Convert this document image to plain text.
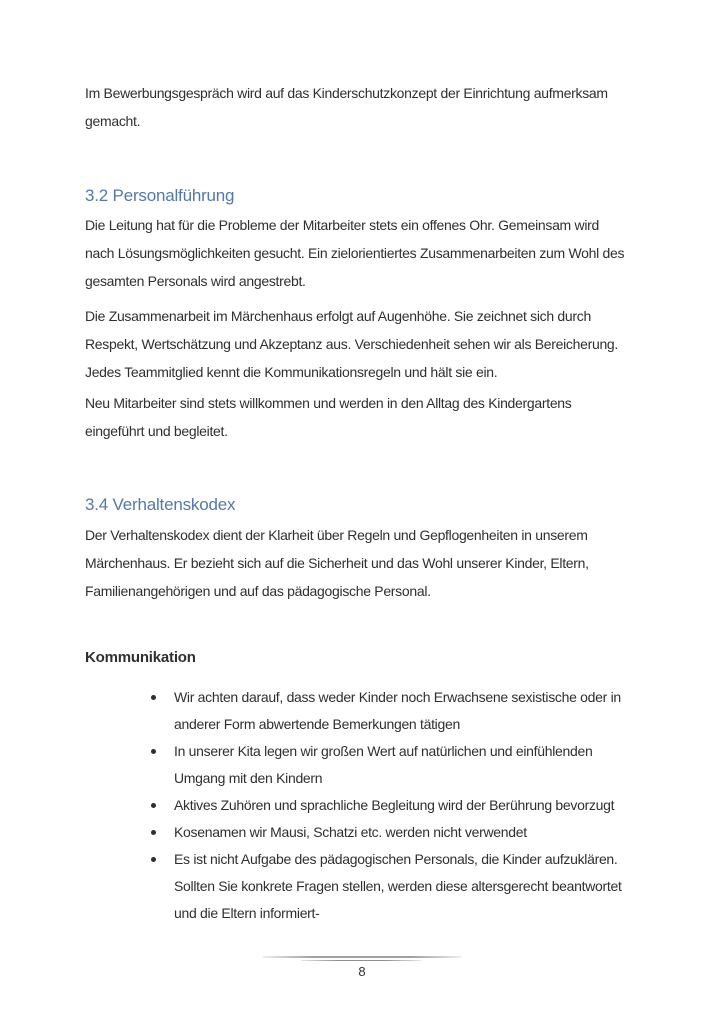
Im Bewerbungsgespräch wird auf das Kinderschutzkonzept der Einrichtung aufmerksam
gemacht.
3.2 Personalführung
Die Leitung hat für die Probleme der Mitarbeiter stets ein offenes Ohr. Gemeinsam wird
nach Lösungsmöglichkeiten gesucht. Ein zielorientiertes Zusammenarbeiten zum Wohl des
gesamten Personals wird angestrebt.
Die Zusammenarbeit im Märchenhaus erfolgt auf Augenhöhe. Sie zeichnet sich durch
Respekt, Wertschätzung und Akzeptanz aus. Verschiedenheit sehen wir als Bereicherung.
Jedes Teammitglied kennt die Kommunikationsregeln und hält sie ein.
Neu Mitarbeiter sind stets willkommen und werden in den Alltag des Kindergartens
eingeführt und begleitet.
3.4 Verhaltenskodex
Der Verhaltenskodex dient der Klarheit über Regeln und Gepflogenheiten in unserem
Märchenhaus. Er bezieht sich auf die Sicherheit und das Wohl unserer Kinder, Eltern,
Familienangehörigen und auf das pädagogische Personal.
Kommunikation
Wir achten darauf, dass weder Kinder noch Erwachsene sexistische oder in
anderer Form abwertende Bemerkungen tätigen
In unserer Kita legen wir großen Wert auf natürlichen und einfühlenden
Umgang mit den Kindern
Aktives Zuhören und sprachliche Begleitung wird der Berührung bevorzugt
Kosenamen wir Mausi, Schatzi etc. werden nicht verwendet
Es ist nicht Aufgabe des pädagogischen Personals, die Kinder aufzuklären.
Sollten Sie konkrete Fragen stellen, werden diese altersgerecht beantwortet
und die Eltern informiert-
8
